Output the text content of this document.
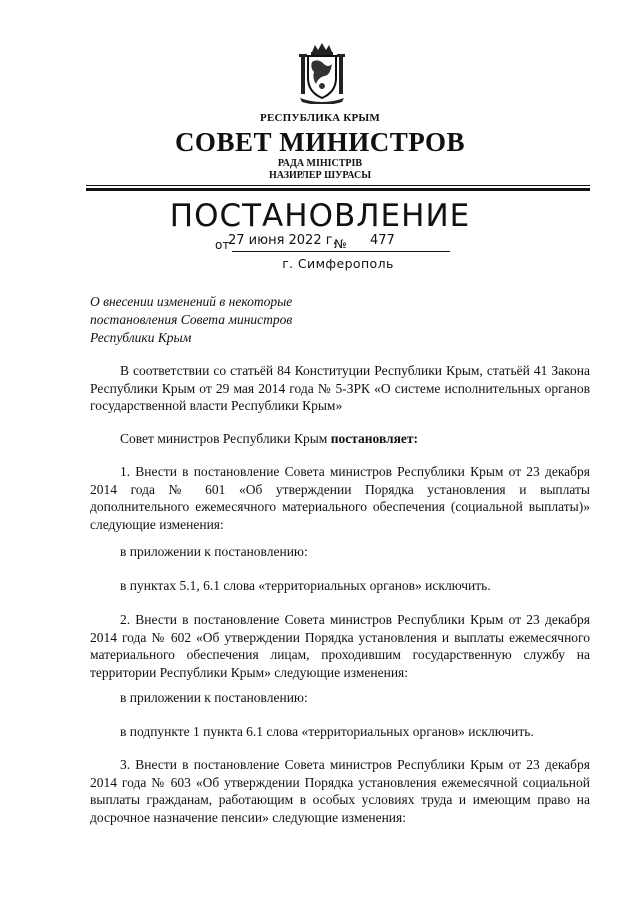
РЕСПУБЛИКА КРЫМ
СОВЕТ МИНИСТРОВ
РАДА МІНІСТРІВ
НАЗИРЛЕР ШУРАСЫ
ПОСТАНОВЛЕНИЕ
от
27 июня 2022 г.
№ 477
г. Симферополь
О внесении изменений в некоторые
постановления Совета министров
Республики Крым
В соответствии со статьёй 84 Конституции Республики Крым, статьёй 41 Закона Республики Крым от 29 мая 2014 года № 5-ЗРК «О системе исполнительных органов государственной власти Республики Крым»
Совет министров Республики Крым постановляет:
1. Внести в постановление Совета министров Республики Крым от 23 декабря 2014 года № 601 «Об утверждении Порядка установления и выплаты дополнительного ежемесячного материального обеспечения (социальной выплаты)» следующие изменения:
в приложении к постановлению:
в пунктах 5.1, 6.1 слова «территориальных органов» исключить.
2. Внести в постановление Совета министров Республики Крым от 23 декабря 2014 года № 602 «Об утверждении Порядка установления и выплаты ежемесячного материального обеспечения лицам, проходившим государственную службу на территории Республики Крым» следующие изменения:
в приложении к постановлению:
в подпункте 1 пункта 6.1 слова «территориальных органов» исключить.
3. Внести в постановление Совета министров Республики Крым от 23 декабря 2014 года № 603 «Об утверждении Порядка установления ежемесячной социальной выплаты гражданам, работающим в особых условиях труда и имеющим право на досрочное назначение пенсии» следующие изменения:
